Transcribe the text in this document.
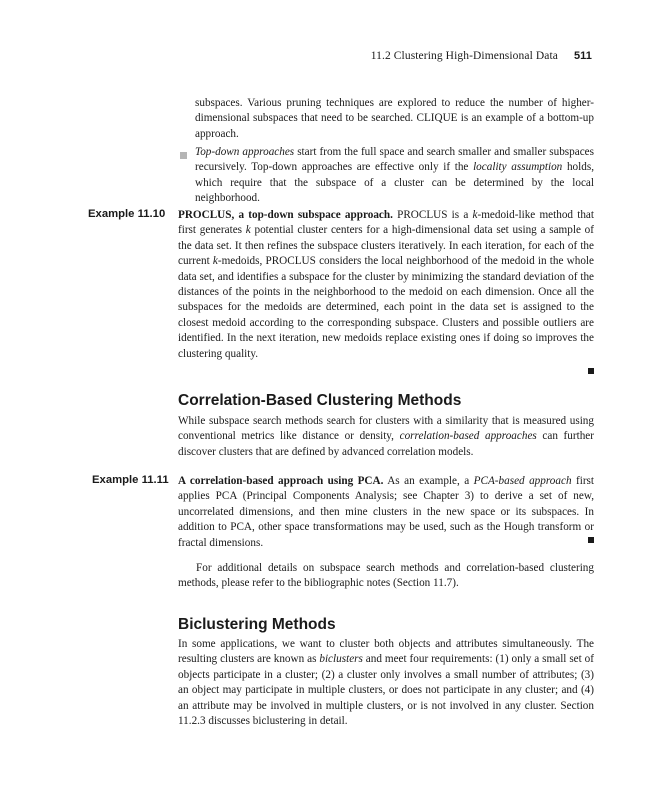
11.2 Clustering High-Dimensional Data 511

subspaces. Various pruning techniques are explored to reduce the number of higher-dimensional subspaces that need to be searched. CLIQUE is an example of a bottom-up approach.

Top-down approaches start from the full space and search smaller and smaller subspaces recursively. Top-down approaches are effective only if the locality assumption holds, which require that the subspace of a cluster can be determined by the local neighborhood.

Example 11.10 PROCLUS, a top-down subspace approach. PROCLUS is a k-medoid-like method that first generates k potential cluster centers for a high-dimensional data set using a sample of the data set. It then refines the subspace clusters iteratively. In each iteration, for each of the current k-medoids, PROCLUS considers the local neighborhood of the medoid in the whole data set, and identifies a subspace for the cluster by minimizing the standard deviation of the distances of the points in the neighborhood to the medoid on each dimension. Once all the subspaces for the medoids are determined, each point in the data set is assigned to the closest medoid according to the corresponding subspace. Clusters and possible outliers are identified. In the next iteration, new medoids replace existing ones if doing so improves the clustering quality.

Correlation-Based Clustering Methods

While subspace search methods search for clusters with a similarity that is measured using conventional metrics like distance or density, correlation-based approaches can further discover clusters that are defined by advanced correlation models.

Example 11.11 A correlation-based approach using PCA. As an example, a PCA-based approach first applies PCA (Principal Components Analysis; see Chapter 3) to derive a set of new, uncorrelated dimensions, and then mine clusters in the new space or its subspaces. In addition to PCA, other space transformations may be used, such as the Hough transform or fractal dimensions.

For additional details on subspace search methods and correlation-based clustering methods, please refer to the bibliographic notes (Section 11.7).

Biclustering Methods

In some applications, we want to cluster both objects and attributes simultaneously. The resulting clusters are known as biclusters and meet four requirements: (1) only a small set of objects participate in a cluster; (2) a cluster only involves a small number of attributes; (3) an object may participate in multiple clusters, or does not participate in any cluster; and (4) an attribute may be involved in multiple clusters, or is not involved in any cluster. Section 11.2.3 discusses biclustering in detail.
